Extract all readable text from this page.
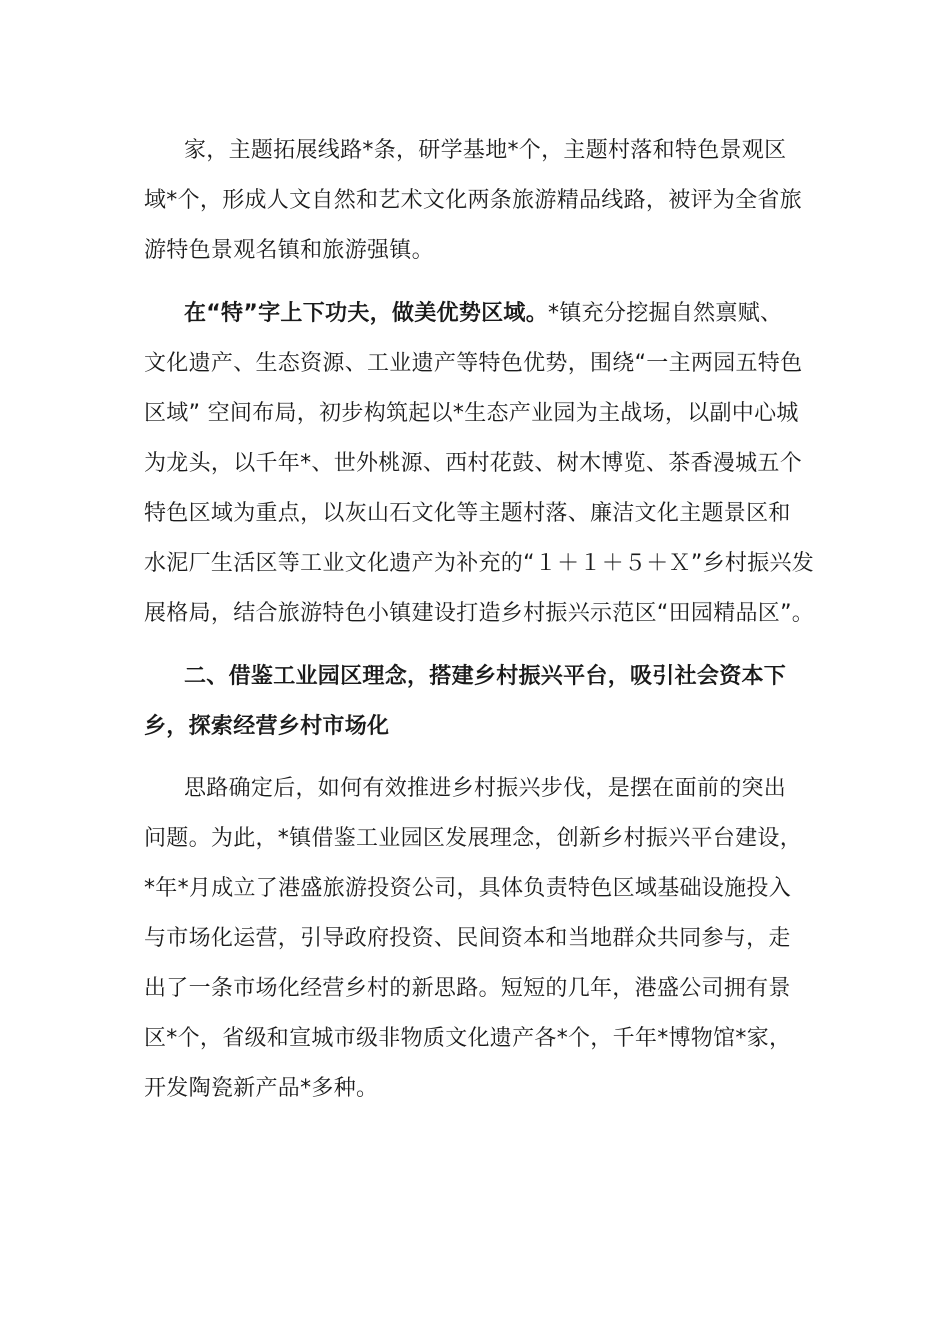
家，主题拓展线路*条，研学基地*个，主题村落和特色景观区
域*个，形成人文自然和艺术文化两条旅游精品线路，被评为全省旅
游特色景观名镇和旅游强镇。
在“特”字上下功夫，做美优势区域。*镇充分挖掘自然禀赋、
文化遗产、生态资源、工业遗产等特色优势，围绕“一主两园五特色
区域” 空间布局，初步构筑起以*生态产业园为主战场，以副中心城
为龙头，以千年*、世外桃源、西村花鼓、树木博览、茶香漫城五个
特色区域为重点，以灰山石文化等主题村落、廉洁文化主题景区和
水泥厂生活区等工业文化遗产为补充的“１＋１＋５＋Ｘ”乡村振兴发
展格局，结合旅游特色小镇建设打造乡村振兴示范区“田园精品区”。
二、借鉴工业园区理念，搭建乡村振兴平台，吸引社会资本下
乡，探索经营乡村市场化
思路确定后，如何有效推进乡村振兴步伐，是摆在面前的突出
问题。为此，*镇借鉴工业园区发展理念，创新乡村振兴平台建设，
*年*月成立了港盛旅游投资公司，具体负责特色区域基础设施投入
与市场化运营，引导政府投资、民间资本和当地群众共同参与，走
出了一条市场化经营乡村的新思路。短短的几年，港盛公司拥有景
区*个，省级和宣城市级非物质文化遗产各*个，千年*博物馆*家，
开发陶瓷新产品*多种。
